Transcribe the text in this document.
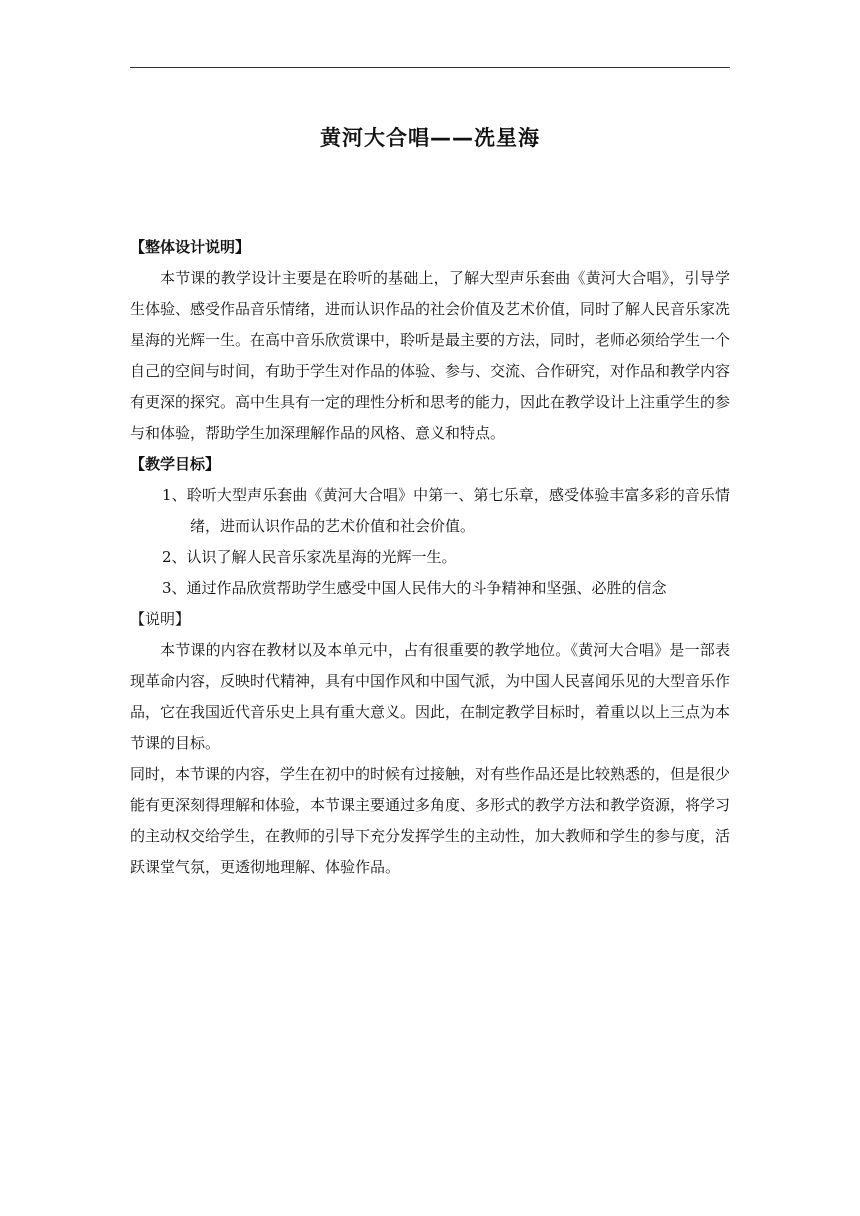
黄河大合唱——冼星海
【整体设计说明】

本节课的教学设计主要是在聆听的基础上，了解大型声乐套曲《黄河大合唱》，引导学生体验、感受作品音乐情绪，进而认识作品的社会价值及艺术价值，同时了解人民音乐家冼星海的光辉一生。在高中音乐欣赏课中，聆听是最主要的方法，同时，老师必须给学生一个自己的空间与时间，有助于学生对作品的体验、参与、交流、合作研究，对作品和教学内容有更深的探究。高中生具有一定的理性分析和思考的能力，因此在教学设计上注重学生的参与和体验，帮助学生加深理解作品的风格、意义和特点。

【教学目标】
1、聆听大型声乐套曲《黄河大合唱》中第一、第七乐章，感受体验丰富多彩的音乐情绪，进而认识作品的艺术价值和社会价值。
2、认识了解人民音乐家冼星海的光辉一生。
3、通过作品欣赏帮助学生感受中国人民伟大的斗争精神和坚强、必胜的信念
【说明】

本节课的内容在教材以及本单元中，占有很重要的教学地位。《黄河大合唱》是一部表现革命内容，反映时代精神，具有中国作风和中国气派，为中国人民喜闻乐见的大型音乐作品，它在我国近代音乐史上具有重大意义。因此，在制定教学目标时，着重以以上三点为本节课的目标。

同时，本节课的内容，学生在初中的时候有过接触，对有些作品还是比较熟悉的，但是很少能有更深刻得理解和体验，本节课主要通过多角度、多形式的教学方法和教学资源，将学习的主动权交给学生，在教师的引导下充分发挥学生的主动性，加大教师和学生的参与度，活跃课堂气氛，更透彻地理解、体验作品。
